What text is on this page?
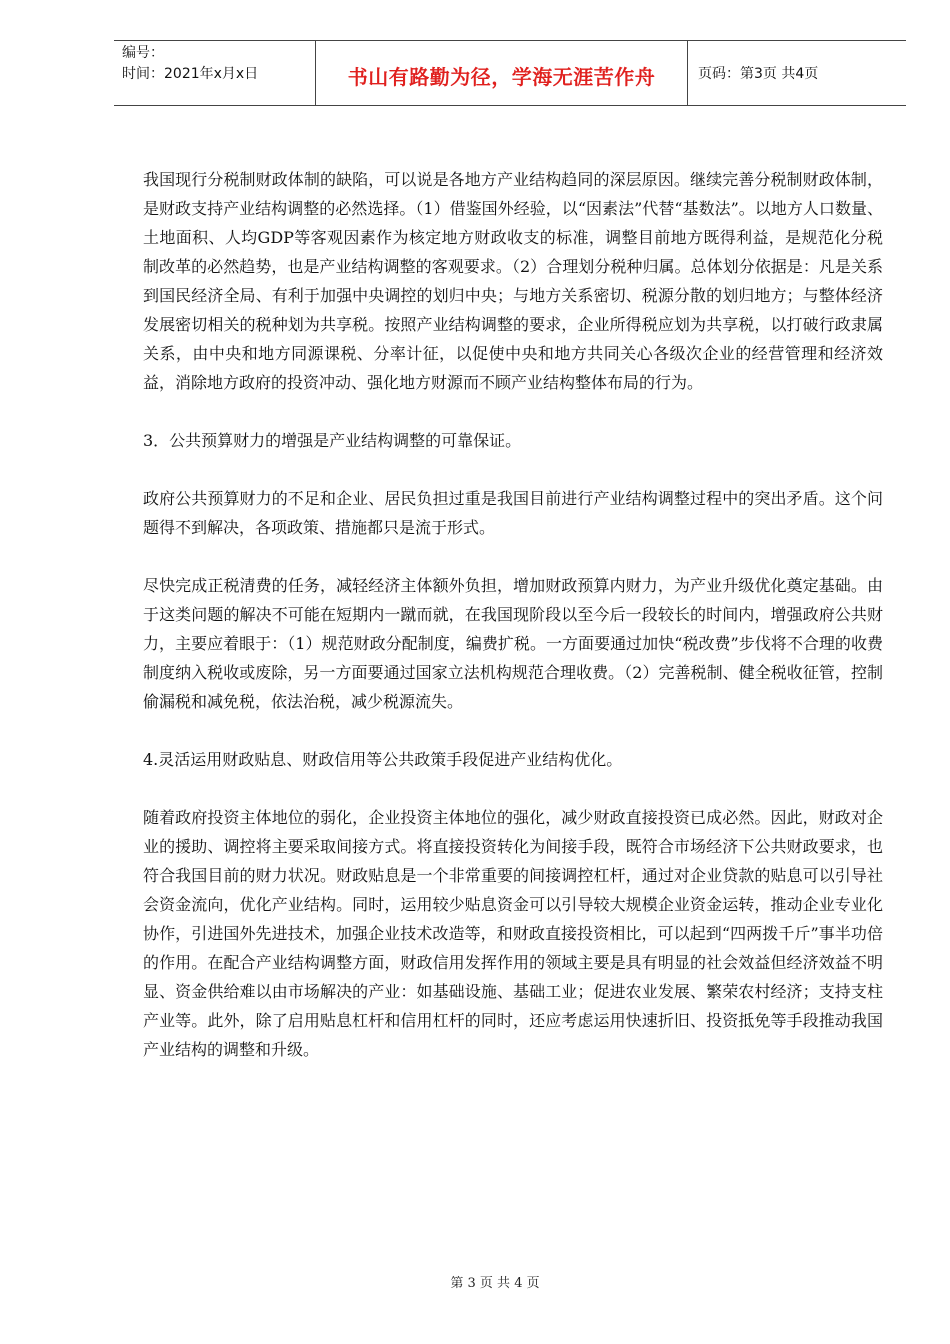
编号：
时间：2021年x月x日	书山有路勤为径，学海无涯苦作舟	页码：第3页 共4页

我国现行分税制财政体制的缺陷，可以说是各地方产业结构趋同的深层原因。继续完善分税制财政体制，是财政支持产业结构调整的必然选择。（1）借鉴国外经验，以“因素法”代替“基数法”。以地方人口数量、土地面积、人均GDP等客观因素作为核定地方财政收支的标准，调整目前地方既得利益，是规范化分税制改革的必然趋势，也是产业结构调整的客观要求。（2）合理划分税种归属。总体划分依据是：凡是关系到国民经济全局、有利于加强中央调控的划归中央；与地方关系密切、税源分散的划归地方；与整体经济发展密切相关的税种划为共享税。按照产业结构调整的要求，企业所得税应划为共享税，以打破行政隶属关系，由中央和地方同源课税、分率计征，以促使中央和地方共同关心各级次企业的经营管理和经济效益，消除地方政府的投资冲动、强化地方财源而不顾产业结构整体布局的行为。

3．公共预算财力的增强是产业结构调整的可靠保证。

政府公共预算财力的不足和企业、居民负担过重是我国目前进行产业结构调整过程中的突出矛盾。这个问题得不到解决，各项政策、措施都只是流于形式。

尽快完成正税清费的任务，减轻经济主体额外负担，增加财政预算内财力，为产业升级优化奠定基础。由于这类问题的解决不可能在短期内一蹴而就，在我国现阶段以至今后一段较长的时间内，增强政府公共财力，主要应着眼于：（1）规范财政分配制度，编费扩税。一方面要通过加快“税改费”步伐将不合理的收费制度纳入税收或废除，另一方面要通过国家立法机构规范合理收费。（2）完善税制、健全税收征管，控制偷漏税和减免税，依法治税，减少税源流失。

4.灵活运用财政贴息、财政信用等公共政策手段促进产业结构优化。

随着政府投资主体地位的弱化，企业投资主体地位的强化，减少财政直接投资已成必然。因此，财政对企业的援助、调控将主要采取间接方式。将直接投资转化为间接手段，既符合市场经济下公共财政要求，也符合我国目前的财力状况。财政贴息是一个非常重要的间接调控杠杆，通过对企业贷款的贴息可以引导社会资金流向，优化产业结构。同时，运用较少贴息资金可以引导较大规模企业资金运转，推动企业专业化协作，引进国外先进技术，加强企业技术改造等，和财政直接投资相比，可以起到“四两拨千斤”事半功倍的作用。在配合产业结构调整方面，财政信用发挥作用的领域主要是具有明显的社会效益但经济效益不明显、资金供给难以由市场解决的产业：如基础设施、基础工业；促进农业发展、繁荣农村经济；支持支柱产业等。此外，除了启用贴息杠杆和信用杠杆的同时，还应考虑运用快速折旧、投资抵免等手段推动我国产业结构的调整和升级。

第 3 页 共 4 页
